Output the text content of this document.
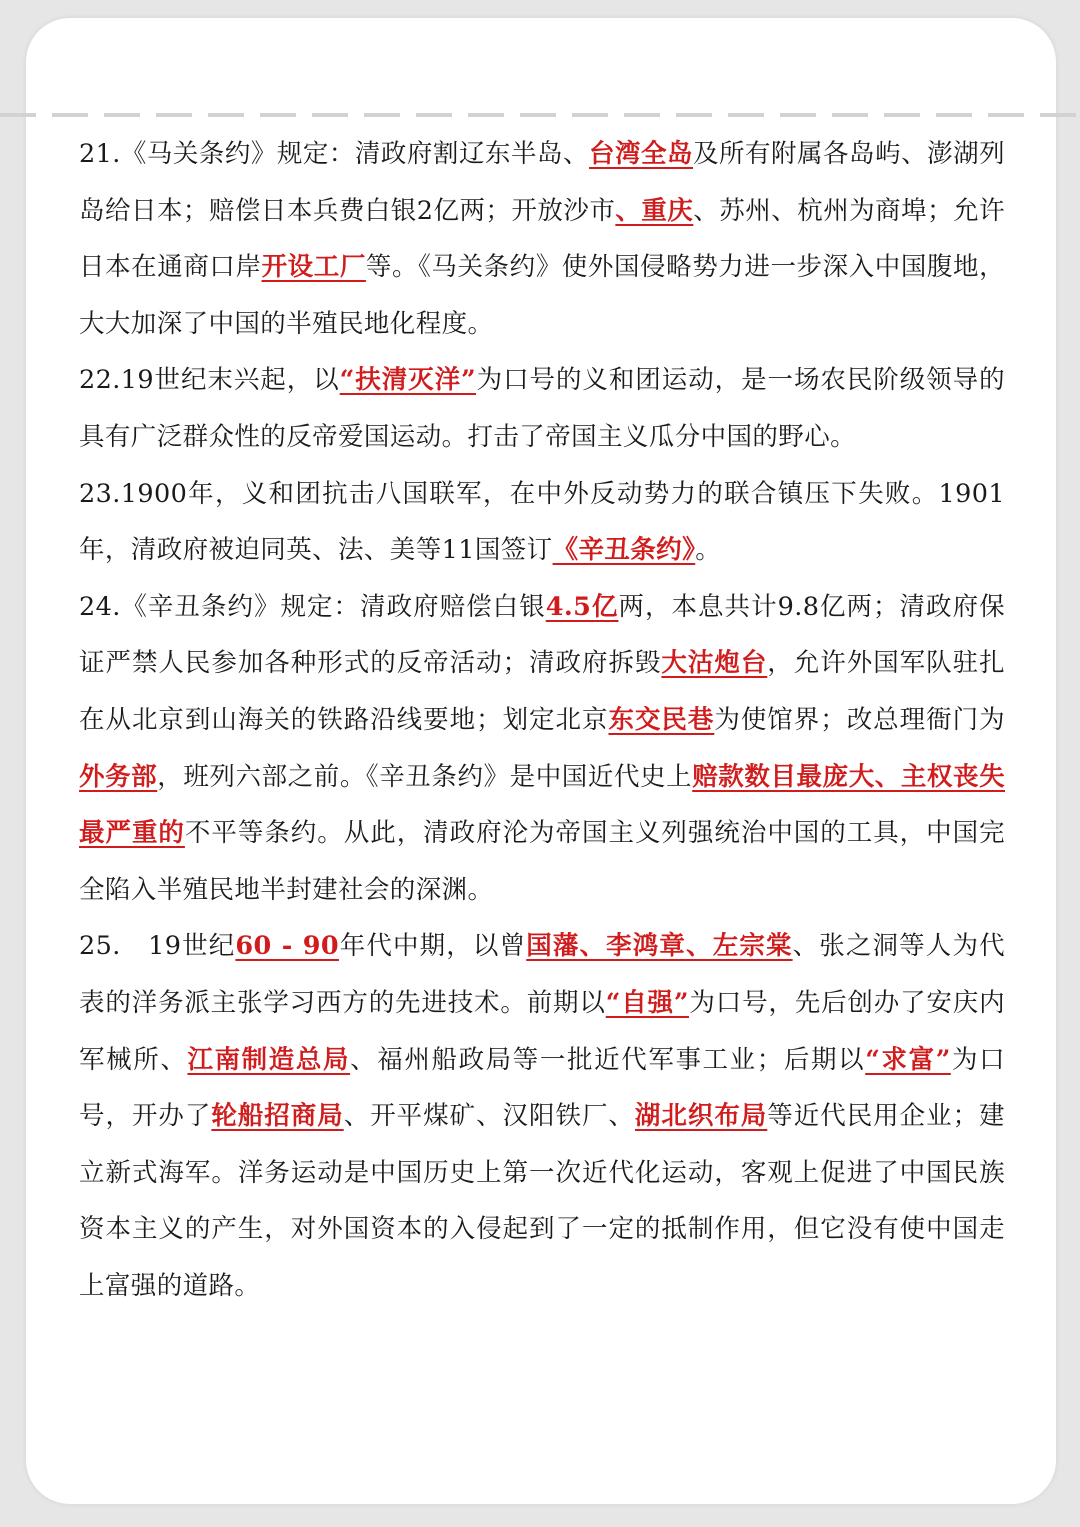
21.《马关条约》规定：清政府割辽东半岛、台湾全岛及所有附属各岛屿、澎湖列岛给日本；赔偿日本兵费白银2亿两；开放沙市、重庆、苏州、杭州为商埠；允许日本在通商口岸开设工厂等。《马关条约》使外国侵略势力进一步深入中国腹地，大大加深了中国的半殖民地化程度。

22.19世纪末兴起，以“扶清灭洋”为口号的义和团运动，是一场农民阶级领导的具有广泛群众性的反帝爱国运动。打击了帝国主义瓜分中国的野心。

23.1900年，义和团抗击八国联军，在中外反动势力的联合镇压下失败。1901　年，清政府被迫同英、法、美等11国签订《辛丑条约》。

24.《辛丑条约》规定：清政府赔偿白银4.5亿两，本息共计9.8亿两；清政府保证严禁人民参加各种形式的反帝活动；清政府拆毁大沽炮台，允许外国军队驻扎在从北京到山海关的铁路沿线要地；划定北京东交民巷为使馆界；改总理衙门为外务部，班列六部之前。《辛丑条约》是中国近代史上赔款数目最庞大、主权丧失最严重的不平等条约。从此，清政府沦为帝国主义列强统治中国的工具，中国完全陷入半殖民地半封建社会的深渊。

25.　19世纪60 - 90年代中期，以曾国藩、李鸿章、左宗棠、张之洞等人为代表的洋务派主张学习西方的先进技术。前期以“自强”为口号，先后创办了安庆内军械所、江南制造总局、福州船政局等一批近代军事工业；后期以“求富”为口号，开办了轮船招商局、开平煤矿、汉阳铁厂、湖北织布局等近代民用企业；建立新式海军。洋务运动是中国历史上第一次近代化运动，客观上促进了中国民族资本主义的产生，对外国资本的入侵起到了一定的抵制作用，但它没有使中国走上富强的道路。
